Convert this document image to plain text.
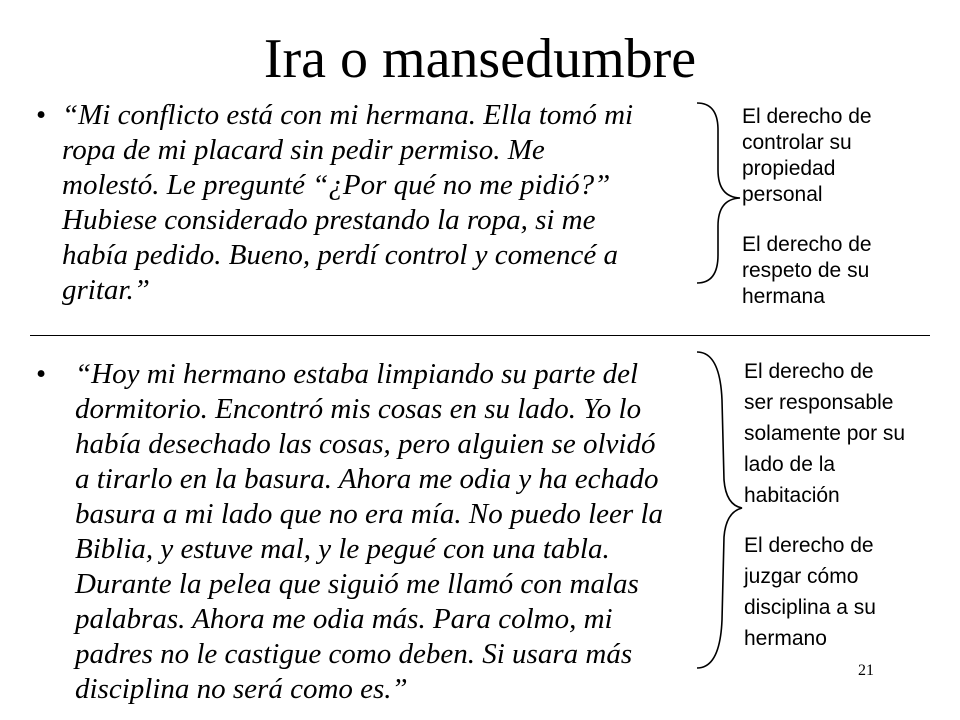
Ira o mansedumbre
• “Mi conflicto está con mi hermana. Ella tomó mi
ropa de mi placard sin pedir permiso. Me
molestó. Le pregunté “¿Por qué no me pidió?”
Hubiese considerado prestando la ropa, si me
había pedido. Bueno, perdí control y comencé a
gritar.”
El derecho de
controlar su
propiedad
personal
El derecho de
respeto de su
hermana
• “Hoy mi hermano estaba limpiando su parte del
dormitorio. Encontró mis cosas en su lado. Yo lo
había desechado las cosas, pero alguien se olvidó
a tirarlo en la basura. Ahora me odia y ha echado
basura a mi lado que no era mía. No puedo leer la
Biblia, y estuve mal, y le pegué con una tabla.
Durante la pelea que siguió me llamó con malas
palabras. Ahora me odia más. Para colmo, mi
padres no le castigue como deben. Si usara más
disciplina no será como es.”
El derecho de
ser responsable
solamente por su
lado de la
habitación
El derecho de
juzgar cómo
disciplina a su
hermano
21
